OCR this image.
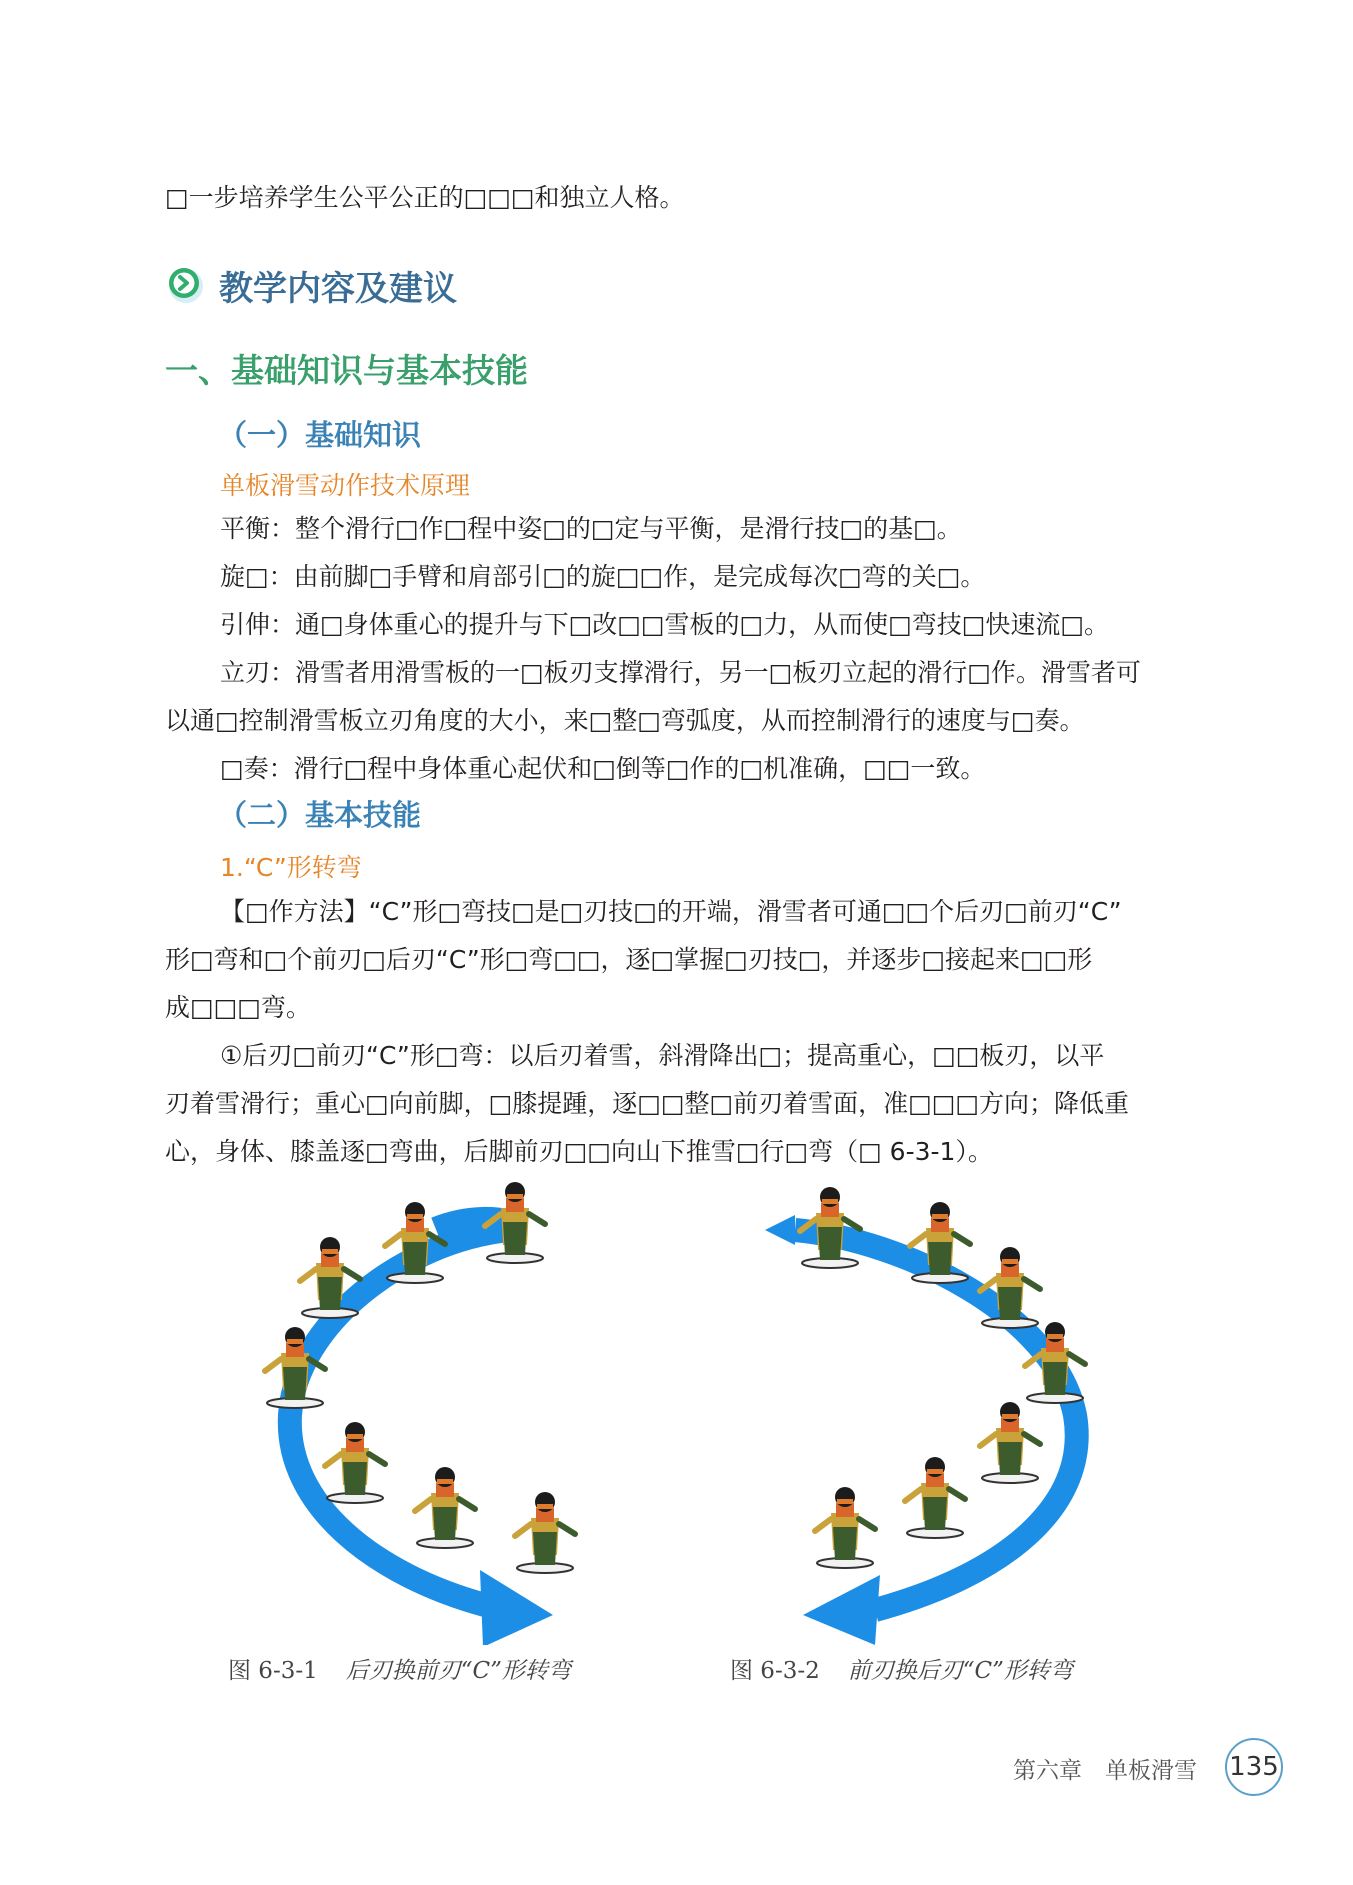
□一步培养学生公平公正的□□□和独立人格。
教学内容及建议
一、基础知识与基本技能
（一）基础知识
单板滑雪动作技术原理
平衡：整个滑行□作□程中姿□的□定与平衡，是滑行技□的基□。
旋□：由前脚□手臂和肩部引□的旋□□作，是完成每次□弯的关□。
引伸：通□身体重心的提升与下□改□□雪板的□力，从而使□弯技□快速流□。
立刃：滑雪者用滑雪板的一□板刃支撑滑行，另一□板刃立起的滑行□作。滑雪者可
以通□控制滑雪板立刃角度的大小，来□整□弯弧度，从而控制滑行的速度与□奏。
□奏：滑行□程中身体重心起伏和□倒等□作的□机准确，□□一致。
（二）基本技能
1.“C”形转弯
【□作方法】“C”形□弯技□是□刃技□的开端，滑雪者可通□□个后刃□前刃“C”
形□弯和□个前刃□后刃“C”形□弯□□，逐□掌握□刃技□，并逐步□接起来□□形
成□□□弯。
①后刃□前刃“C”形□弯：以后刃着雪，斜滑降出□；提高重心，□□板刃，以平
刃着雪滑行；重心□向前脚，□膝提踵，逐□□整□前刃着雪面，准□□□方向；降低重
心，身体、膝盖逐□弯曲，后脚前刃□□向山下推雪□行□弯（□ 6-3-1）。
图 6-3-1 后刃换前刃“C”形转弯	图 6-3-2 前刃换后刃“C”形转弯
第六章　单板滑雪 135
